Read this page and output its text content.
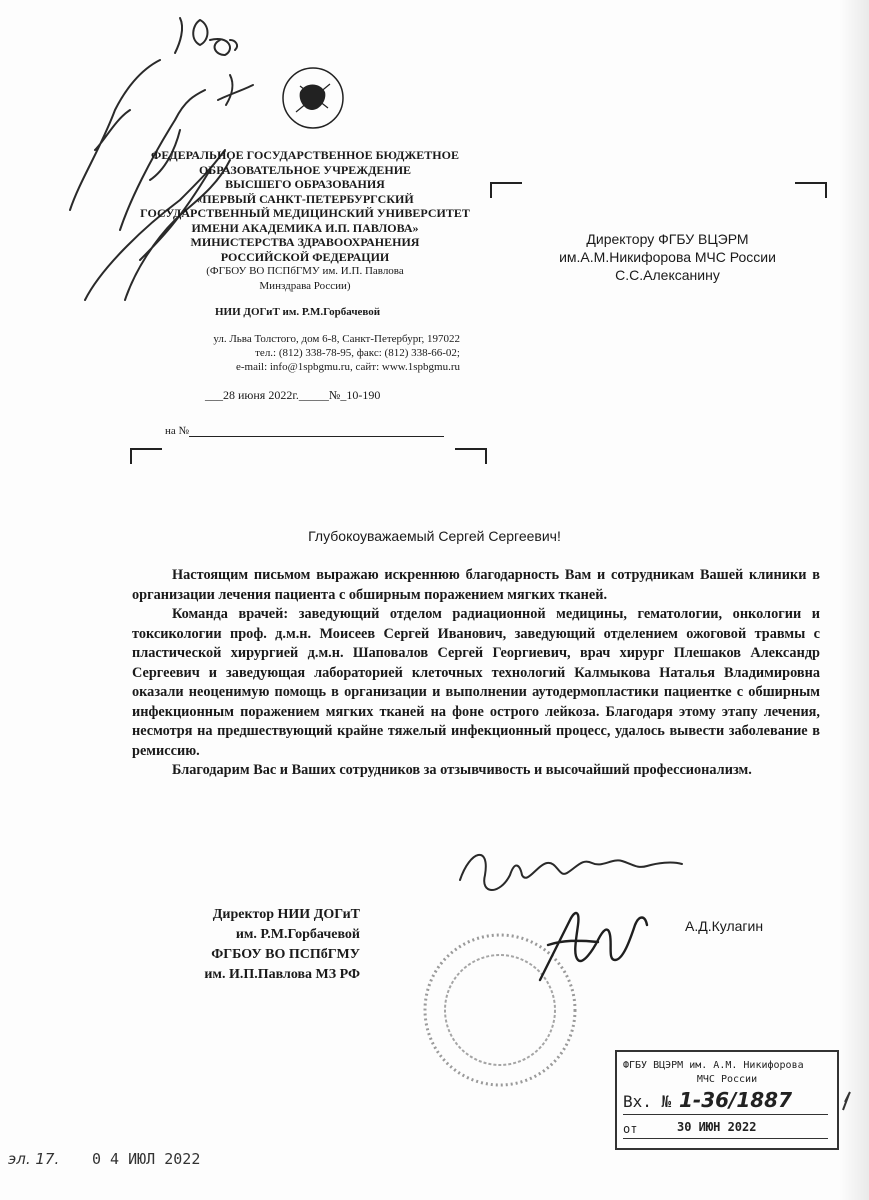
ФЕДЕРАЛЬНОЕ ГОСУДАРСТВЕННОЕ БЮДЖЕТНОЕ
ОБРАЗОВАТЕЛЬНОЕ УЧРЕЖДЕНИЕ
ВЫСШЕГО ОБРАЗОВАНИЯ
«ПЕРВЫЙ САНКТ-ПЕТЕРБУРГСКИЙ
ГОСУДАРСТВЕННЫЙ МЕДИЦИНСКИЙ УНИВЕРСИТЕТ
ИМЕНИ АКАДЕМИКА И.П. ПАВЛОВА»
МИНИСТЕРСТВА ЗДРАВООХРАНЕНИЯ
РОССИЙСКОЙ ФЕДЕРАЦИИ
(ФГБОУ ВО ПСПбГМУ им. И.П. Павлова
Минздрава России)
НИИ ДОГиТ им. Р.М.Горбачевой
ул. Льва Толстого, дом 6-8, Санкт-Петербург, 197022
тел.: (812) 338-78-95, факс: (812) 338-66-02;
e-mail: info@1spbgmu.ru, сайт: www.1spbgmu.ru
___28 июня 2022г._____№_10-190
на №
Директору ФГБУ ВЦЭРМ
им.А.М.Никифорова МЧС России
С.С.Алексанину
Глубокоуважаемый Сергей Сергеевич!

Настоящим письмом выражаю искреннюю благодарность Вам и сотрудникам Вашей клиники в организации лечения пациента с обширным поражением мягких тканей.

Команда врачей: заведующий отделом радиационной медицины, гематологии, онкологии и токсикологии проф. д.м.н. Моисеев Сергей Иванович, заведующий отделением ожоговой травмы с пластической хирургией д.м.н. Шаповалов Сергей Георгиевич, врач хирург Плешаков Александр Сергеевич и заведующая лабораторией клеточных технологий Калмыкова Наталья Владимировна оказали неоценимую помощь в организации и выполнении аутодермопластики пациентке с обширным инфекционным поражением мягких тканей на фоне острого лейкоза. Благодаря этому этапу лечения, несмотря на предшествующий крайне тяжелый инфекционный процесс, удалось вывести заболевание в ремиссию.

Благодарим Вас и Ваших сотрудников за отзывчивость и высочайший профессионализм.

Директор НИИ ДОГиТ
им. Р.М.Горбачевой
ФГБОУ ВО ПСПбГМУ
им. И.П.Павлова МЗ РФ
А.Д.Кулагин
ФГБУ ВЦЭРМ им. А.М. Никифорова
МЧС России
Вх. № 1-36/1887
от	30 ИЮН 2022
эл. 17. 0 4 ИЮЛ 2022
